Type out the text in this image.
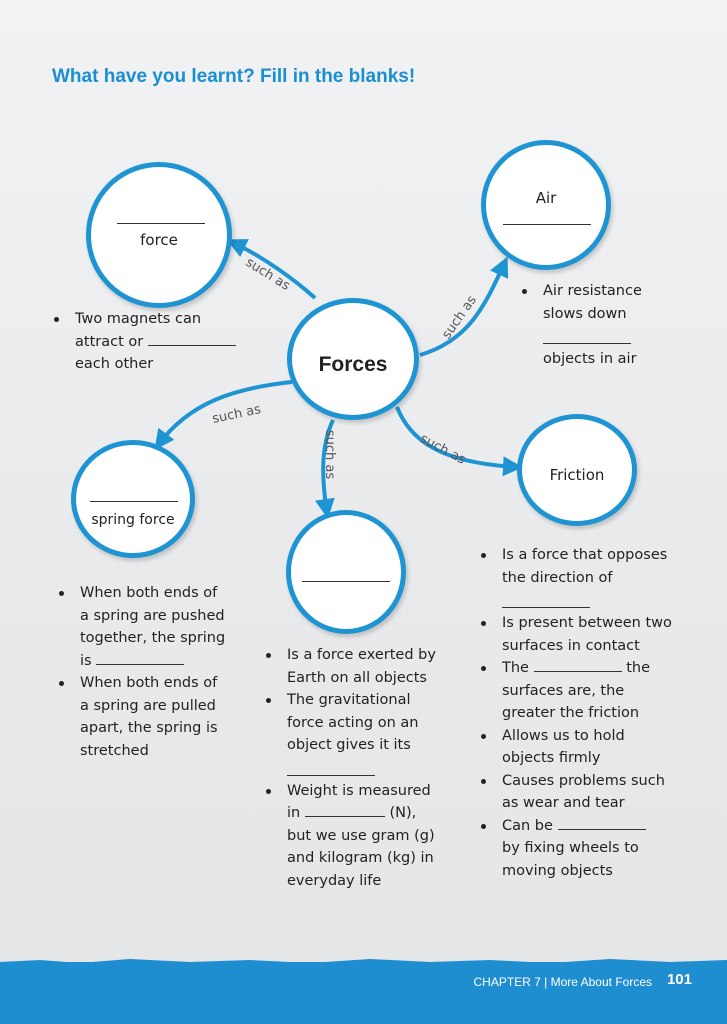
What have you learnt? Fill in the blanks!
such as
such as
such as
such as	such as
Forces
force
Air
spring force
Friction
Two magnets can
attract or
each other
Air resistance
slows down

objects in air
When both ends of
a spring are pushed
together, the spring
is
When both ends of
a spring are pulled
apart, the spring is
stretched
Is a force exerted by
Earth on all objects
The gravitational
force acting on an
object gives it its

Weight is measured
in	(N),
but we use gram (g)
and kilogram (kg) in
everyday life
Is a force that opposes
the direction of

Is present between two
surfaces in contact
The	the
surfaces are, the
greater the friction
Allows us to hold
objects firmly
Causes problems such
as wear and tear
Can be
by fixing wheels to
moving objects
CHAPTER 7 | More About Forces 101
